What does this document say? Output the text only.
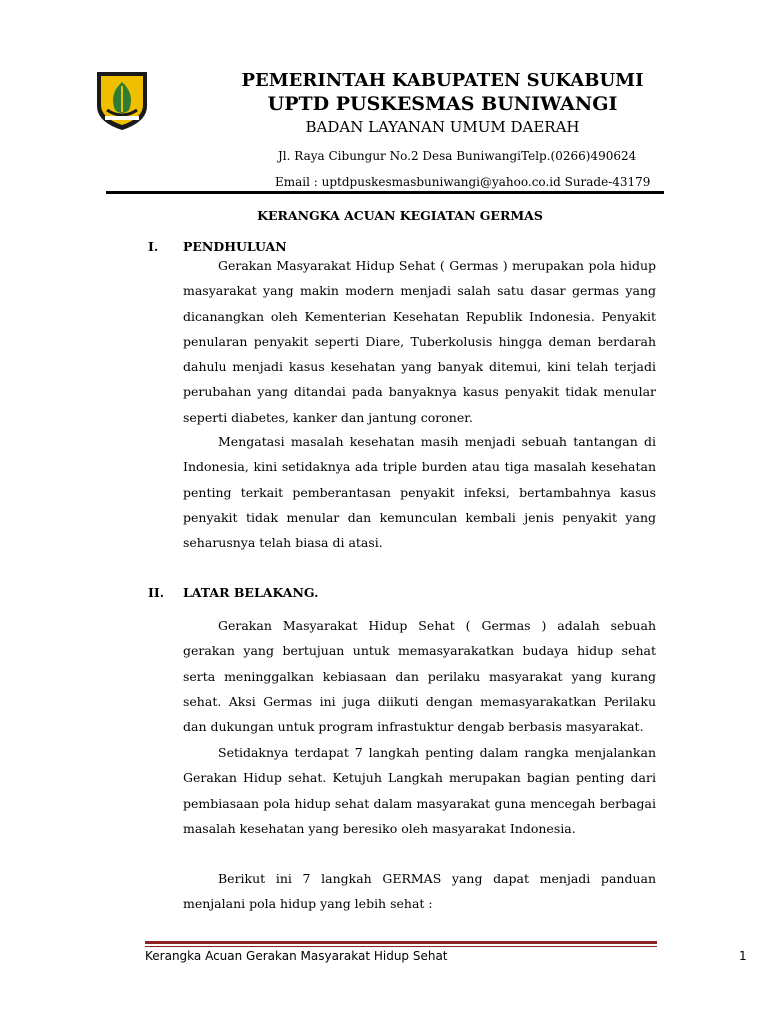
PEMERINTAH KABUPATEN SUKABUMI
UPTD PUSKESMAS BUNIWANGI
BADAN LAYANAN UMUM DAERAH
Jl. Raya Cibungur No.2 Desa BuniwangiTelp.(0266)490624
Email : uptdpuskesmasbuniwangi@yahoo.co.id Surade-43179
KERANGKA ACUAN KEGIATAN GERMAS
I. PENDHULUAN
Gerakan Masyarakat Hidup Sehat ( Germas ) merupakan pola hidup masyarakat yang makin modern menjadi salah satu dasar germas yang dicanangkan oleh Kementerian Kesehatan Republik Indonesia. Penyakit penularan penyakit seperti Diare, Tuberkolusis hingga deman berdarah dahulu menjadi kasus kesehatan yang banyak ditemui, kini telah terjadi perubahan yang ditandai pada banyaknya kasus penyakit tidak menular seperti diabetes, kanker dan jantung coroner.
Mengatasi masalah kesehatan masih menjadi sebuah tantangan di Indonesia, kini setidaknya ada triple burden atau tiga masalah kesehatan penting terkait pemberantasan penyakit infeksi, bertambahnya kasus penyakit tidak menular dan kemunculan kembali jenis penyakit yang seharusnya telah biasa di atasi.
II. LATAR BELAKANG.
Gerakan Masyarakat Hidup Sehat ( Germas ) adalah sebuah gerakan yang bertujuan untuk memasyarakatkan budaya hidup sehat serta meninggalkan kebiasaan dan perilaku masyarakat yang kurang sehat. Aksi Germas ini juga diikuti dengan memasyarakatkan Perilaku dan dukungan untuk program infrastuktur dengab berbasis masyarakat.
Setidaknya terdapat 7 langkah penting dalam rangka menjalankan Gerakan Hidup sehat. Ketujuh Langkah merupakan bagian penting dari pembiasaan pola hidup sehat dalam masyarakat guna mencegah berbagai masalah kesehatan yang beresiko oleh masyarakat Indonesia.
Berikut ini 7 langkah GERMAS yang dapat menjadi panduan menjalani pola hidup yang lebih sehat :
Kerangka Acuan Gerakan Masyarakat Hidup Sehat	1
